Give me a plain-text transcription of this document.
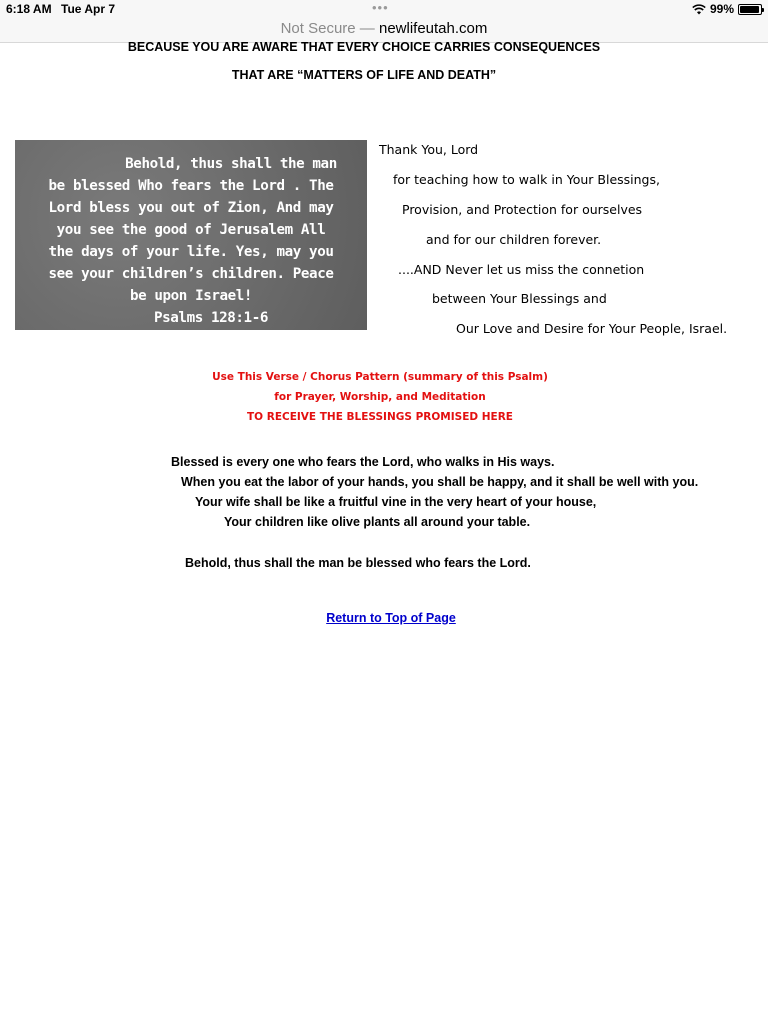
6:18 AM Tue Apr 7	•••	99%
Not Secure — newlifeutah.com
BECAUSE YOU ARE AWARE THAT EVERY CHOICE CARRIES CONSEQUENCES
THAT ARE “MATTERS OF LIFE AND DEATH”
Behold, thus shall the man
be blessed Who fears the Lord . The
Lord bless you out of Zion, And may
you see the good of Jerusalem All
the days of your life. Yes, may you
see your children’s children. Peace
be upon Israel!
Psalms 128:1-6
Thank You, Lord
for teaching how to walk in Your Blessings,
Provision, and Protection for ourselves
and for our children forever.
....AND Never let us miss the connetion
between Your Blessings and
Our Love and Desire for Your People, Israel.
Use This Verse / Chorus Pattern (summary of this Psalm)
for Prayer, Worship, and Meditation
TO RECEIVE THE BLESSINGS PROMISED HERE
Blessed is every one who fears the Lord, who walks in His ways.
When you eat the labor of your hands, you shall be happy, and it shall be well with you.
Your wife shall be like a fruitful vine in the very heart of your house,
Your children like olive plants all around your table.
Behold, thus shall the man be blessed who fears the Lord.
Return to Top of Page
